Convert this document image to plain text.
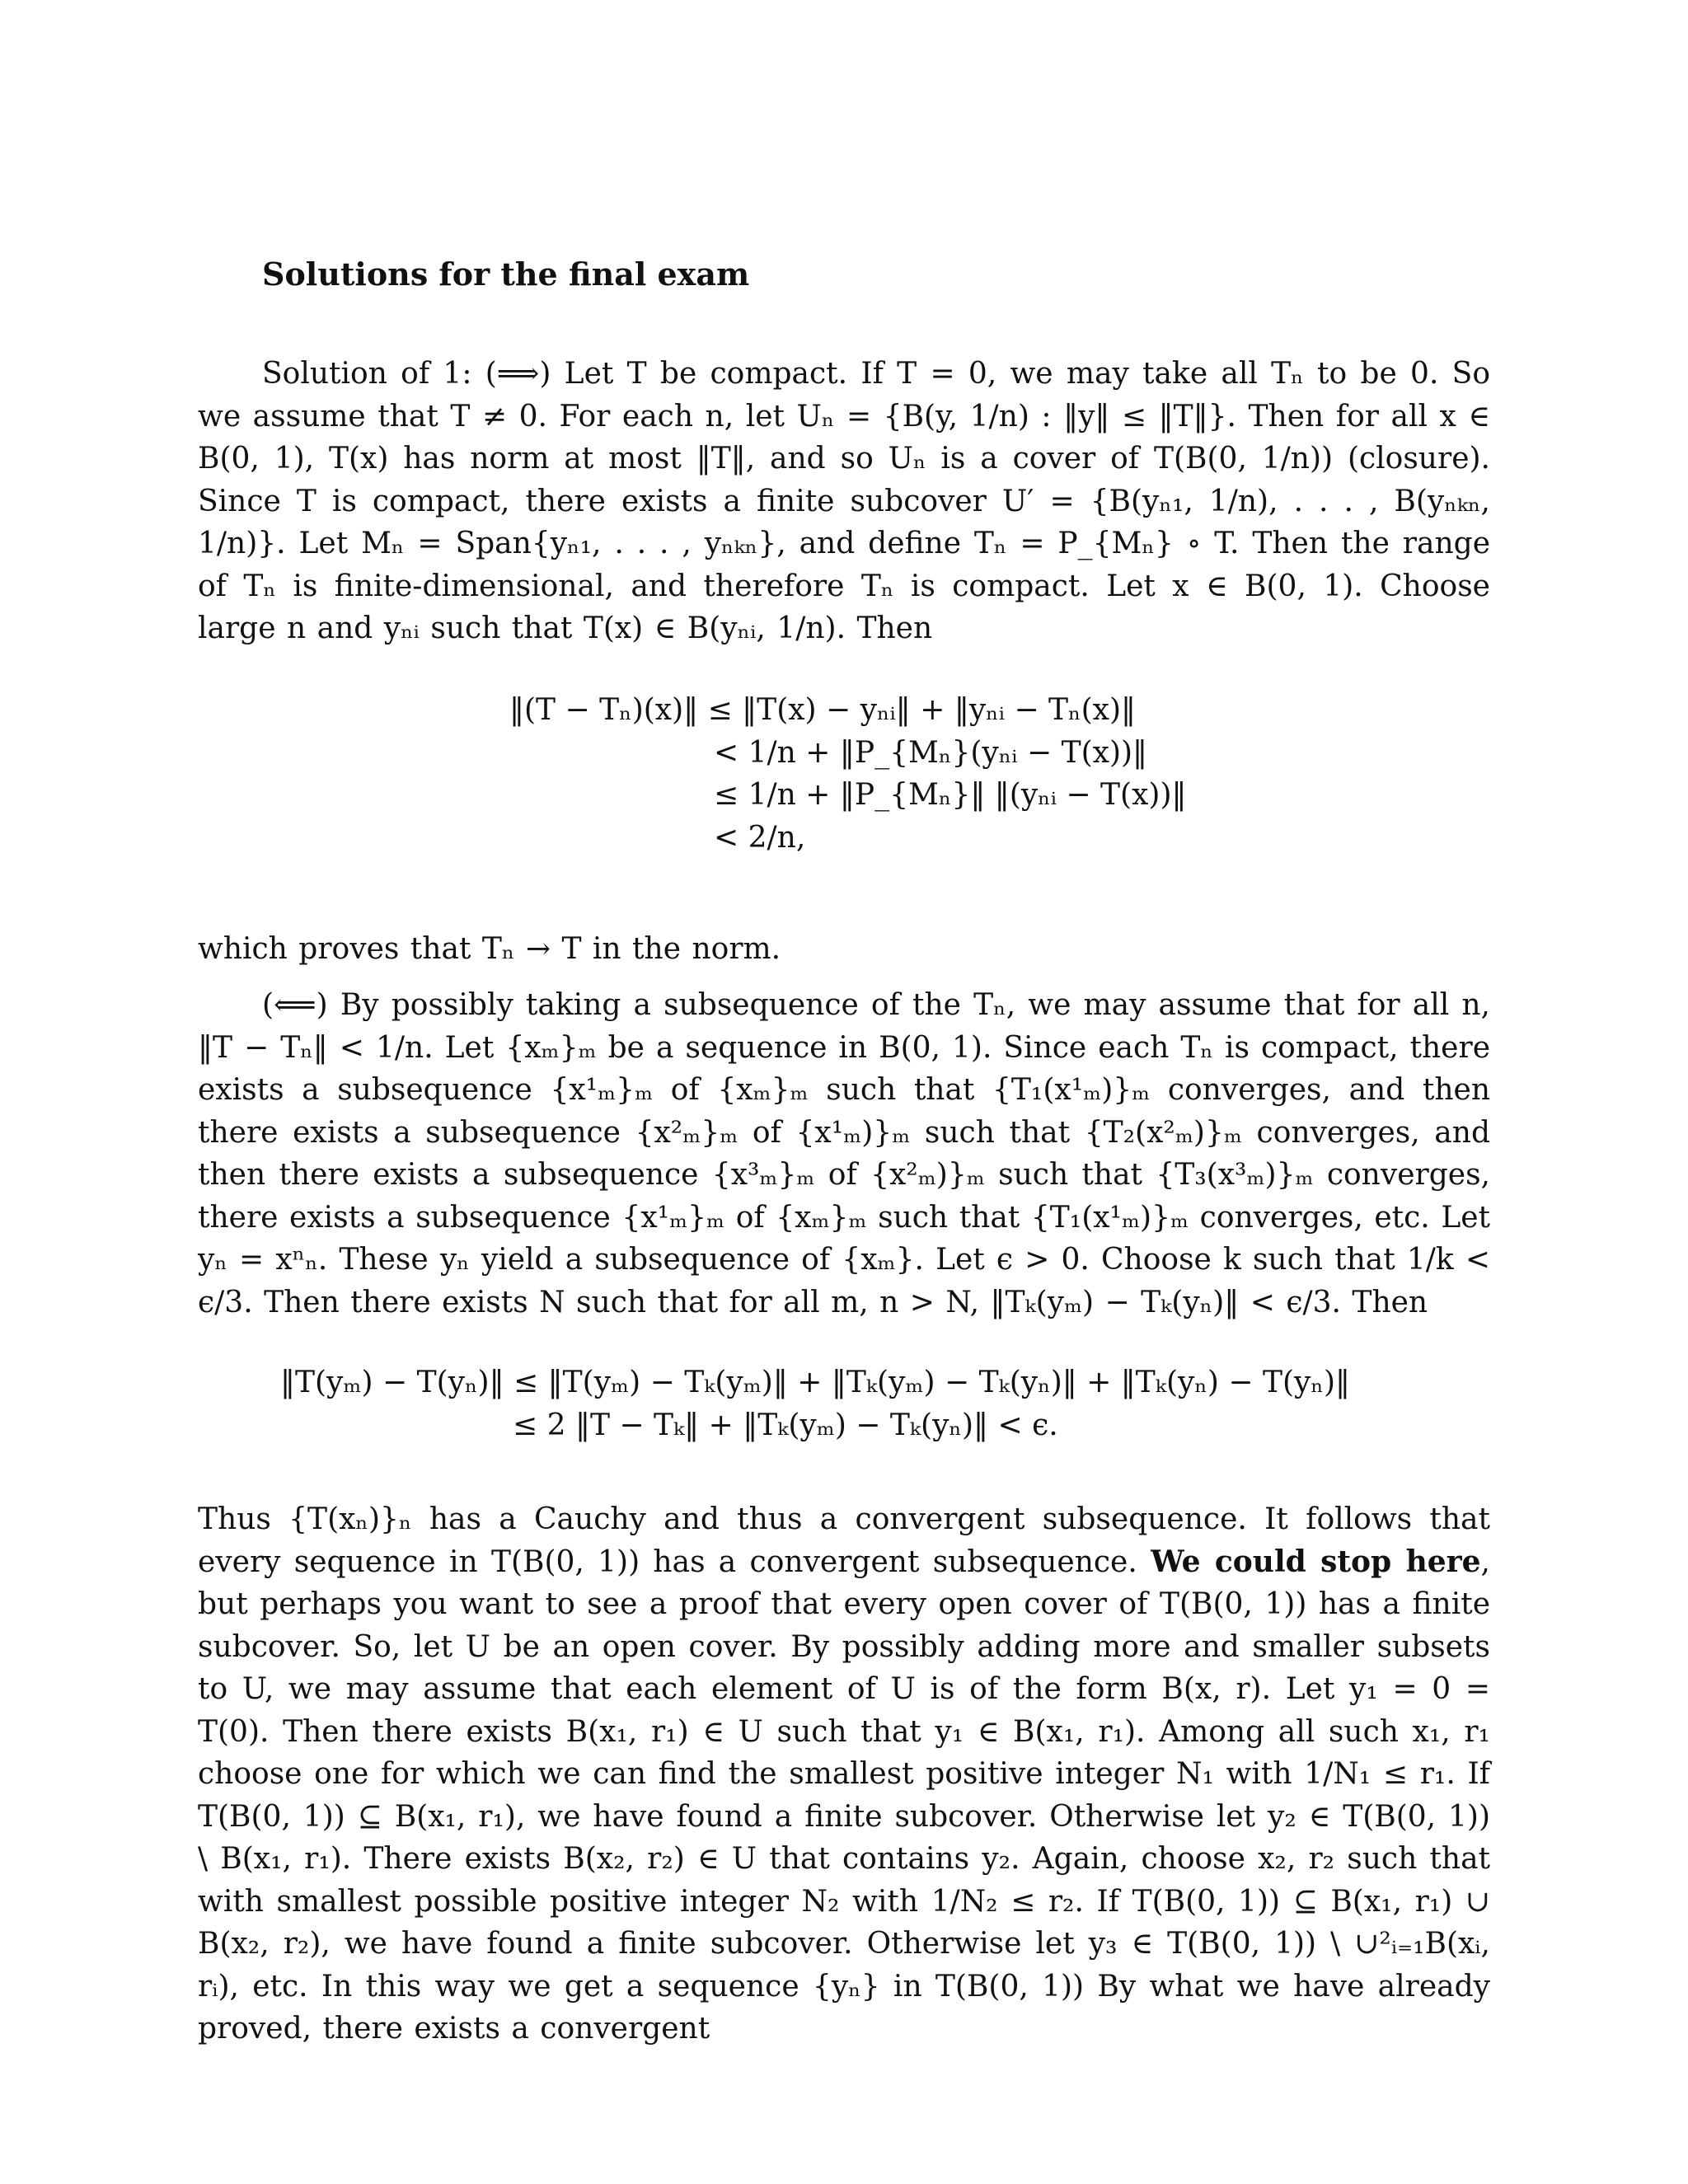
Solutions for the final exam

Solution of 1: (⟹) Let T be compact. If T = 0, we may take all Tₙ to be 0. So we assume that T ≠ 0. For each n, let Uₙ = {B(y, 1/n) : ‖y‖ ≤ ‖T‖}. Then for all x ∈ B(0, 1), T(x) has norm at most ‖T‖, and so Uₙ is a cover of T(B(0, 1/n)) (closure). Since T is compact, there exists a finite subcover U′ = {B(yₙ₁, 1/n), . . . , B(yₙₖₙ, 1/n)}. Let Mₙ = Span{yₙ₁, . . . , yₙₖₙ}, and define Tₙ = P_{Mₙ} ∘ T. Then the range of Tₙ is finite-dimensional, and therefore Tₙ is compact. Let x ∈ B(0, 1). Choose large n and yₙᵢ such that T(x) ∈ B(yₙᵢ, 1/n). Then

‖(T − Tₙ)(x)‖ ≤ ‖T(x) − yₙᵢ‖ + ‖yₙᵢ − Tₙ(x)‖
< 1/n + ‖P_{Mₙ}(yₙᵢ − T(x))‖
≤ 1/n + ‖P_{Mₙ}‖ ‖(yₙᵢ − T(x))‖
< 2/n,

which proves that Tₙ → T in the norm.

(⟸) By possibly taking a subsequence of the Tₙ, we may assume that for all n, ‖T − Tₙ‖ < 1/n. Let {xₘ}ₘ be a sequence in B(0, 1). Since each Tₙ is compact, there exists a subsequence {x¹ₘ}ₘ of {xₘ}ₘ such that {T₁(x¹ₘ)}ₘ converges, and then there exists a subsequence {x²ₘ}ₘ of {x¹ₘ)}ₘ such that {T₂(x²ₘ)}ₘ converges, and then there exists a subsequence {x³ₘ}ₘ of {x²ₘ)}ₘ such that {T₃(x³ₘ)}ₘ converges, there exists a subsequence {x¹ₘ}ₘ of {xₘ}ₘ such that {T₁(x¹ₘ)}ₘ converges, etc. Let yₙ = xⁿₙ. These yₙ yield a subsequence of {xₘ}. Let ϵ > 0. Choose k such that 1/k < ϵ/3. Then there exists N such that for all m, n > N, ‖Tₖ(yₘ) − Tₖ(yₙ)‖ < ϵ/3. Then

‖T(yₘ) − T(yₙ)‖ ≤ ‖T(yₘ) − Tₖ(yₘ)‖ + ‖Tₖ(yₘ) − Tₖ(yₙ)‖ + ‖Tₖ(yₙ) − T(yₙ)‖
≤ 2 ‖T − Tₖ‖ + ‖Tₖ(yₘ) − Tₖ(yₙ)‖ < ϵ.

Thus {T(xₙ)}ₙ has a Cauchy and thus a convergent subsequence. It follows that every sequence in T(B(0, 1)) has a convergent subsequence. We could stop here, but perhaps you want to see a proof that every open cover of T(B(0, 1)) has a finite subcover. So, let U be an open cover. By possibly adding more and smaller subsets to U, we may assume that each element of U is of the form B(x, r). Let y₁ = 0 = T(0). Then there exists B(x₁, r₁) ∈ U such that y₁ ∈ B(x₁, r₁). Among all such x₁, r₁ choose one for which we can find the smallest positive integer N₁ with 1/N₁ ≤ r₁. If T(B(0, 1)) ⊆ B(x₁, r₁), we have found a finite subcover. Otherwise let y₂ ∈ T(B(0, 1)) \ B(x₁, r₁). There exists B(x₂, r₂) ∈ U that contains y₂. Again, choose x₂, r₂ such that with smallest possible positive integer N₂ with 1/N₂ ≤ r₂. If T(B(0, 1)) ⊆ B(x₁, r₁) ∪ B(x₂, r₂), we have found a finite subcover. Otherwise let y₃ ∈ T(B(0, 1)) \ ∪²ᵢ₌₁B(xᵢ, rᵢ), etc. In this way we get a sequence {yₙ} in T(B(0, 1)) By what we have already proved, there exists a convergent
